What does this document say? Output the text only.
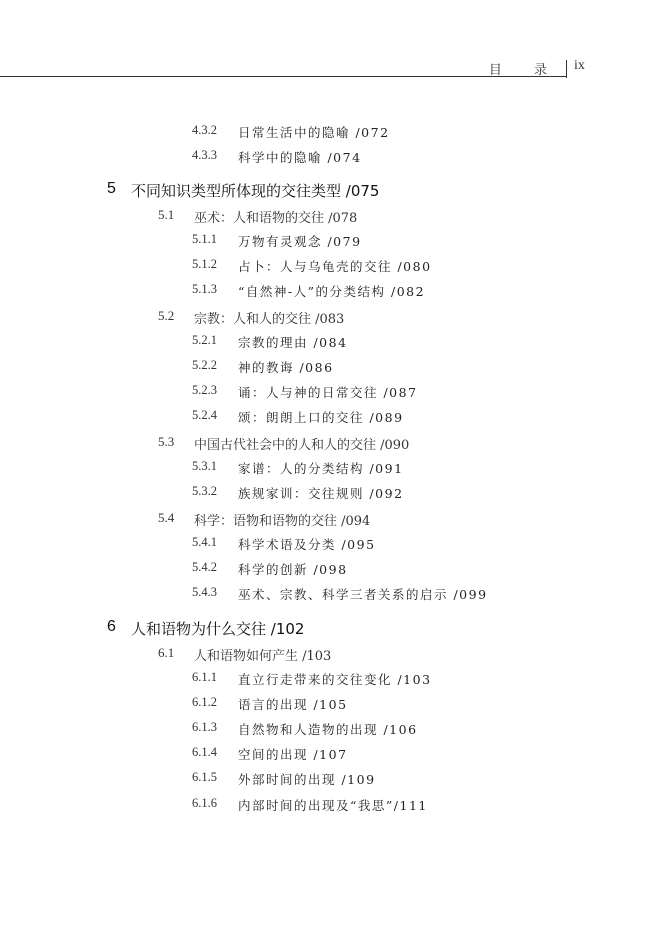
目 录 ix
4.3.2 日常生活中的隐喻 /072
4.3.3 科学中的隐喻 /074
5 不同知识类型所体现的交往类型 /075
5.1 巫术：人和语物的交往 /078
5.1.1 万物有灵观念 /079
5.1.2 占卜：人与乌龟壳的交往 /080
5.1.3 “自然神-人”的分类结构 /082
5.2 宗教：人和人的交往 /083
5.2.1 宗教的理由 /084
5.2.2 神的教诲 /086
5.2.3 诵：人与神的日常交往 /087
5.2.4 颂：朗朗上口的交往 /089
5.3 中国古代社会中的人和人的交往 /090
5.3.1 家谱：人的分类结构 /091
5.3.2 族规家训：交往规则 /092
5.4 科学：语物和语物的交往 /094
5.4.1 科学术语及分类 /095
5.4.2 科学的创新 /098
5.4.3 巫术、宗教、科学三者关系的启示 /099
6 人和语物为什么交往 /102
6.1 人和语物如何产生 /103
6.1.1 直立行走带来的交往变化 /103
6.1.2 语言的出现 /105
6.1.3 自然物和人造物的出现 /106
6.1.4 空间的出现 /107
6.1.5 外部时间的出现 /109
6.1.6 内部时间的出现及“我思”/111
